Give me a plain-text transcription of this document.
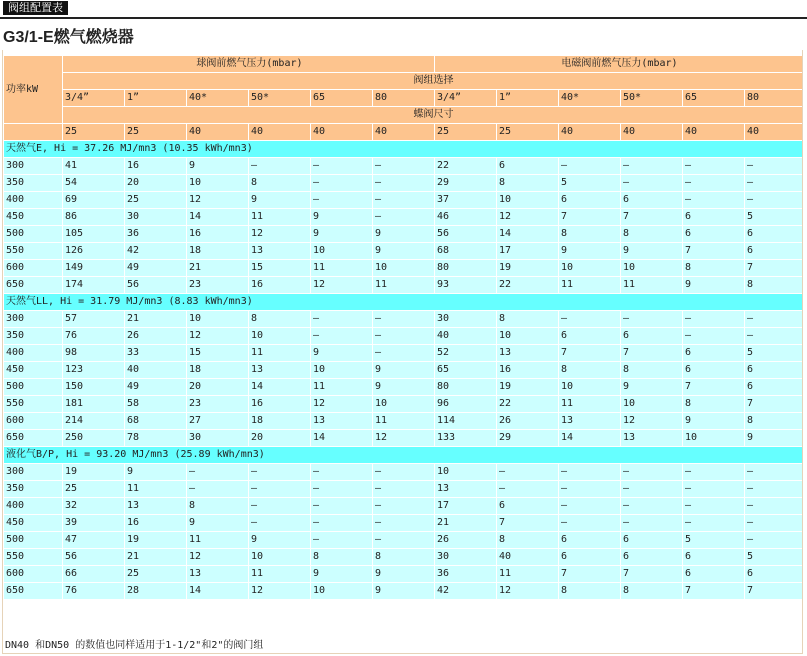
阀组配置表
G3/1-E燃气燃烧器
功率kW	球阀前燃气压力(mbar)						电磁阀前燃气压力(mbar)					
	阀组选择											
	3/4”	1”	40*	50*	65	80	3/4”	1”	40*	50*	65	80
	蝶阀尺寸											
	25	25	40	40	40	40	25	25	40	40	40	40
天然气E, Hi = 37.26 MJ/mn3 (10.35 kWh/mn3)												
300	41	16	9	—	—	—	22	6	—	—	—	—
350	54	20	10	8	—	—	29	8	5	—	—	—
400	69	25	12	9	—	—	37	10	6	6	—	—
450	86	30	14	11	9	—	46	12	7	7	6	5
500	105	36	16	12	9	9	56	14	8	8	6	6
550	126	42	18	13	10	9	68	17	9	9	7	6
600	149	49	21	15	11	10	80	19	10	10	8	7
650	174	56	23	16	12	11	93	22	11	11	9	8
天然气LL, Hi = 31.79 MJ/mn3 (8.83 kWh/mn3)												
300	57	21	10	8	—	—	30	8	—	—	—	—
350	76	26	12	10	—	—	40	10	6	6	—	—
400	98	33	15	11	9	—	52	13	7	7	6	5
450	123	40	18	13	10	9	65	16	8	8	6	6
500	150	49	20	14	11	9	80	19	10	9	7	6
550	181	58	23	16	12	10	96	22	11	10	8	7
600	214	68	27	18	13	11	114	26	13	12	9	8
650	250	78	30	20	14	12	133	29	14	13	10	9
液化气B/P, Hi = 93.20 MJ/mn3 (25.89 kWh/mn3)												
300	19	9	—	—	—	—	10	—	—	—	—	—
350	25	11	—	—	—	—	13	—	—	—	—	—
400	32	13	8	—	—	—	17	6	—	—	—	—
450	39	16	9	—	—	—	21	7	—	—	—	—
500	47	19	11	9	—	—	26	8	6	6	5	—
550	56	21	12	10	8	8	30	40	6	6	6	5
600	66	25	13	11	9	9	36	11	7	7	6	6
650	76	28	14	12	10	9	42	12	8	8	7	7
DN40 和DN50 的数值也同样适用于1-1/2"和2"的阀门组
